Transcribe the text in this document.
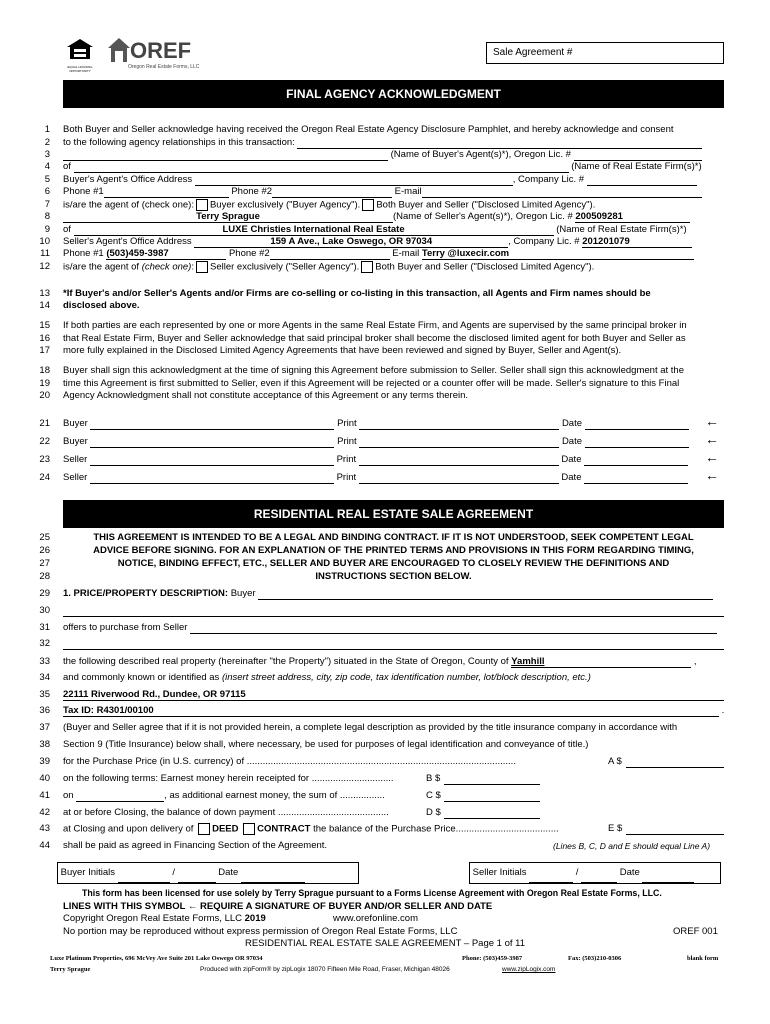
EQUAL HOUSING OPPORTUNITY
OREF
Oregon Real Estate Forms, LLC
Sale Agreement #
FINAL AGENCY ACKNOWLEDGMENT
1
2
3
4
5
6
7
8
9
10
11
12
13
14
15
16
17
18
19
20
21
22
23
24
25
26
27
28
29
30
31
32
33
34
35
36
37
38
39
40
41
42
43
44
Both Buyer and Seller acknowledge having received the Oregon Real Estate Agency Disclosure Pamphlet, and hereby acknowledge and consent
to the following agency relationships in this transaction:
(Name of Buyer's Agent(s)*), Oregon Lic. #
of	(Name of Real Estate Firm(s)*)
Buyer's Agent's Office Address	, Company Lic. #
Phone #1	Phone #2	E-mail
is/are the agent of (check one): Buyer exclusively ("Buyer Agency"). Both Buyer and Seller ("Disclosed Limited Agency").
Terry Sprague	(Name of Seller's Agent(s)*), Oregon Lic. # 200509281
of	LUXE Christies International Real Estate	(Name of Real Estate Firm(s)*)
Seller's Agent's Office Address	159 A Ave., Lake Oswego, OR 97034	, Company Lic. # 201201079
Phone #1 (503)459-3987	Phone #2	E-mail Terry @luxecir.com
is/are the agent of (check one): Seller exclusively ("Seller Agency"). Both Buyer and Seller ("Disclosed Limited Agency").
*If Buyer's and/or Seller's Agents and/or Firms are co-selling or co-listing in this transaction, all Agents and Firm names should be
disclosed above.
If both parties are each represented by one or more Agents in the same Real Estate Firm, and Agents are supervised by the same principal broker in
that Real Estate Firm, Buyer and Seller acknowledge that said principal broker shall become the disclosed limited agent for both Buyer and Seller as
more fully explained in the Disclosed Limited Agency Agreements that have been reviewed and signed by Buyer, Seller and Agent(s).
Buyer shall sign this acknowledgment at the time of signing this Agreement before submission to Seller. Seller shall sign this acknowledgment at the
time this Agreement is first submitted to Seller, even if this Agreement will be rejected or a counter offer will be made. Seller's signature to this Final
Agency Acknowledgment shall not constitute acceptance of this Agreement or any terms therein.
Buyer	Print	Date	←
Buyer	Print	Date	←
Seller	Print	Date	←
Seller	Print	Date	←
RESIDENTIAL REAL ESTATE SALE AGREEMENT
THIS AGREEMENT IS INTENDED TO BE A LEGAL AND BINDING CONTRACT. IF IT IS NOT UNDERSTOOD, SEEK COMPETENT LEGAL
ADVICE BEFORE SIGNING. FOR AN EXPLANATION OF THE PRINTED TERMS AND PROVISIONS IN THIS FORM REGARDING TIMING,
NOTICE, BINDING EFFECT, ETC., SELLER AND BUYER ARE ENCOURAGED TO CLOSELY REVIEW THE DEFINITIONS AND
INSTRUCTIONS SECTION BELOW.
1. PRICE/PROPERTY DESCRIPTION: Buyer
offers to purchase from Seller
the following described real property (hereinafter "the Property") situated in the State of Oregon, County of Yamhill	,
and commonly known or identified as (insert street address, city, zip code, tax identification number, lot/block description, etc.)
22111 Riverwood Rd., Dundee, OR 97115
Tax ID: R4301/00100	.
(Buyer and Seller agree that if it is not provided herein, a complete legal description as provided by the title insurance company in accordance with
Section 9 (Title Insurance) below shall, where necessary, be used for purposes of legal identification and conveyance of title.)
for the Purchase Price (in U.S. currency) of ......................................................................................................	A $
on the following terms: Earnest money herein receipted for ...............................	B $
on	, as additional earnest money, the sum of .................	C $
at or before Closing, the balance of down payment ..........................................	D $
at Closing and upon delivery of DEED CONTRACT the balance of the Purchase Price.......................................	E $
shall be paid as agreed in Financing Section of the Agreement.	(Lines B, C, D and E should equal Line A)
Buyer Initials	/	Date	Seller Initials	/	Date
This form has been licensed for use solely by Terry Sprague pursuant to a Forms License Agreement with Oregon Real Estate Forms, LLC.
LINES WITH THIS SYMBOL ← REQUIRE A SIGNATURE OF BUYER AND/OR SELLER AND DATE
Copyright Oregon Real Estate Forms, LLC 2019	www.orefonline.com
No portion may be reproduced without express permission of Oregon Real Estate Forms, LLC	OREF 001
RESIDENTIAL REAL ESTATE SALE AGREEMENT – Page 1 of 11
Luxe Platinum Properties, 696 McVey Ave Suite 201 Lake Oswego OR 97034	Phone: (503)459-3987	Fax: (503)210-0306	blank form
Terry Sprague	Produced with zipForm® by zipLogix 18070 Fifteen Mile Road, Fraser, Michigan 48026	www.zipLogix.com
